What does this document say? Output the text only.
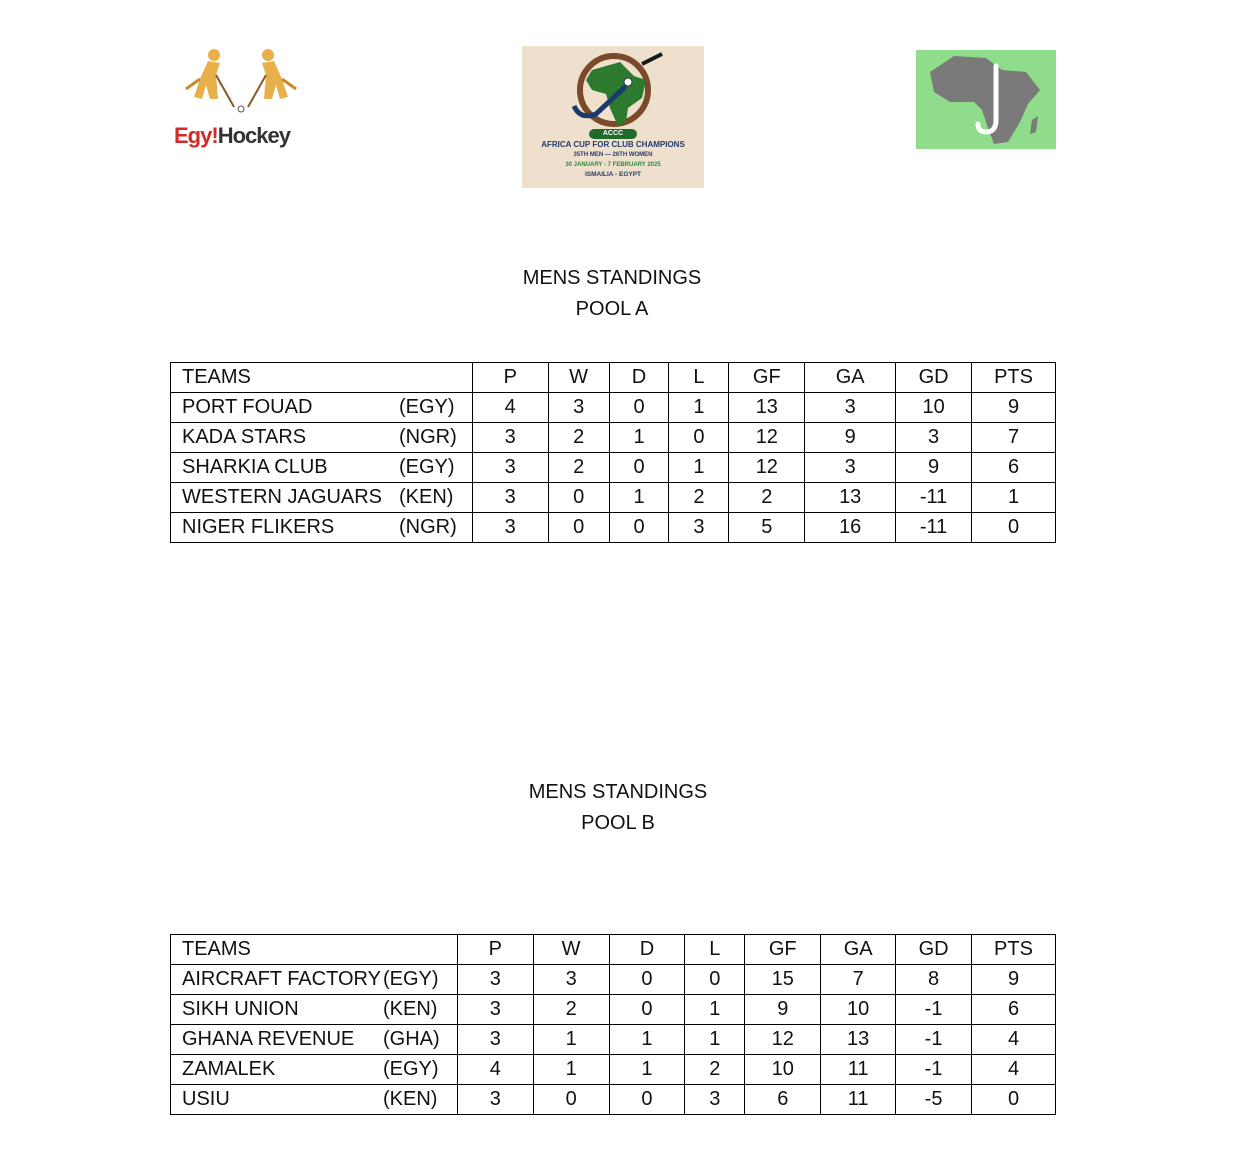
Egy!Hockey	ACCC
AFRICA CUP FOR CLUB CHAMPIONS
35TH MEN — 26TH WOMEN
30 JANUARY - 7 FEBRUARY 2025
ISMAILIA - EGYPT
MENS STANDINGS
POOL A
TEAMS	P	W	D	L	GF	GA	GD	PTS
PORT FOUAD (EGY)	4	3	0	1	13	3	10	9
KADA STARS (NGR)	3	2	1	0	12	9	3	7
SHARKIA CLUB (EGY)	3	2	0	1	12	3	9	6
WESTERN JAGUARS (KEN)	3	0	1	2	2	13	-11	1
NIGER FLIKERS (NGR)	3	0	0	3	5	16	-11	0
MENS STANDINGS
POOL B
TEAMS	P	W	D	L	GF	GA	GD	PTS
AIRCRAFT FACTORY (EGY)	3	3	0	0	15	7	8	9
SIKH UNION (KEN)	3	2	0	1	9	10	-1	6
GHANA REVENUE (GHA)	3	1	1	1	12	13	-1	4
ZAMALEK (EGY)	4	1	1	2	10	11	-1	4
USIU (KEN)	3	0	0	3	6	11	-5	0
